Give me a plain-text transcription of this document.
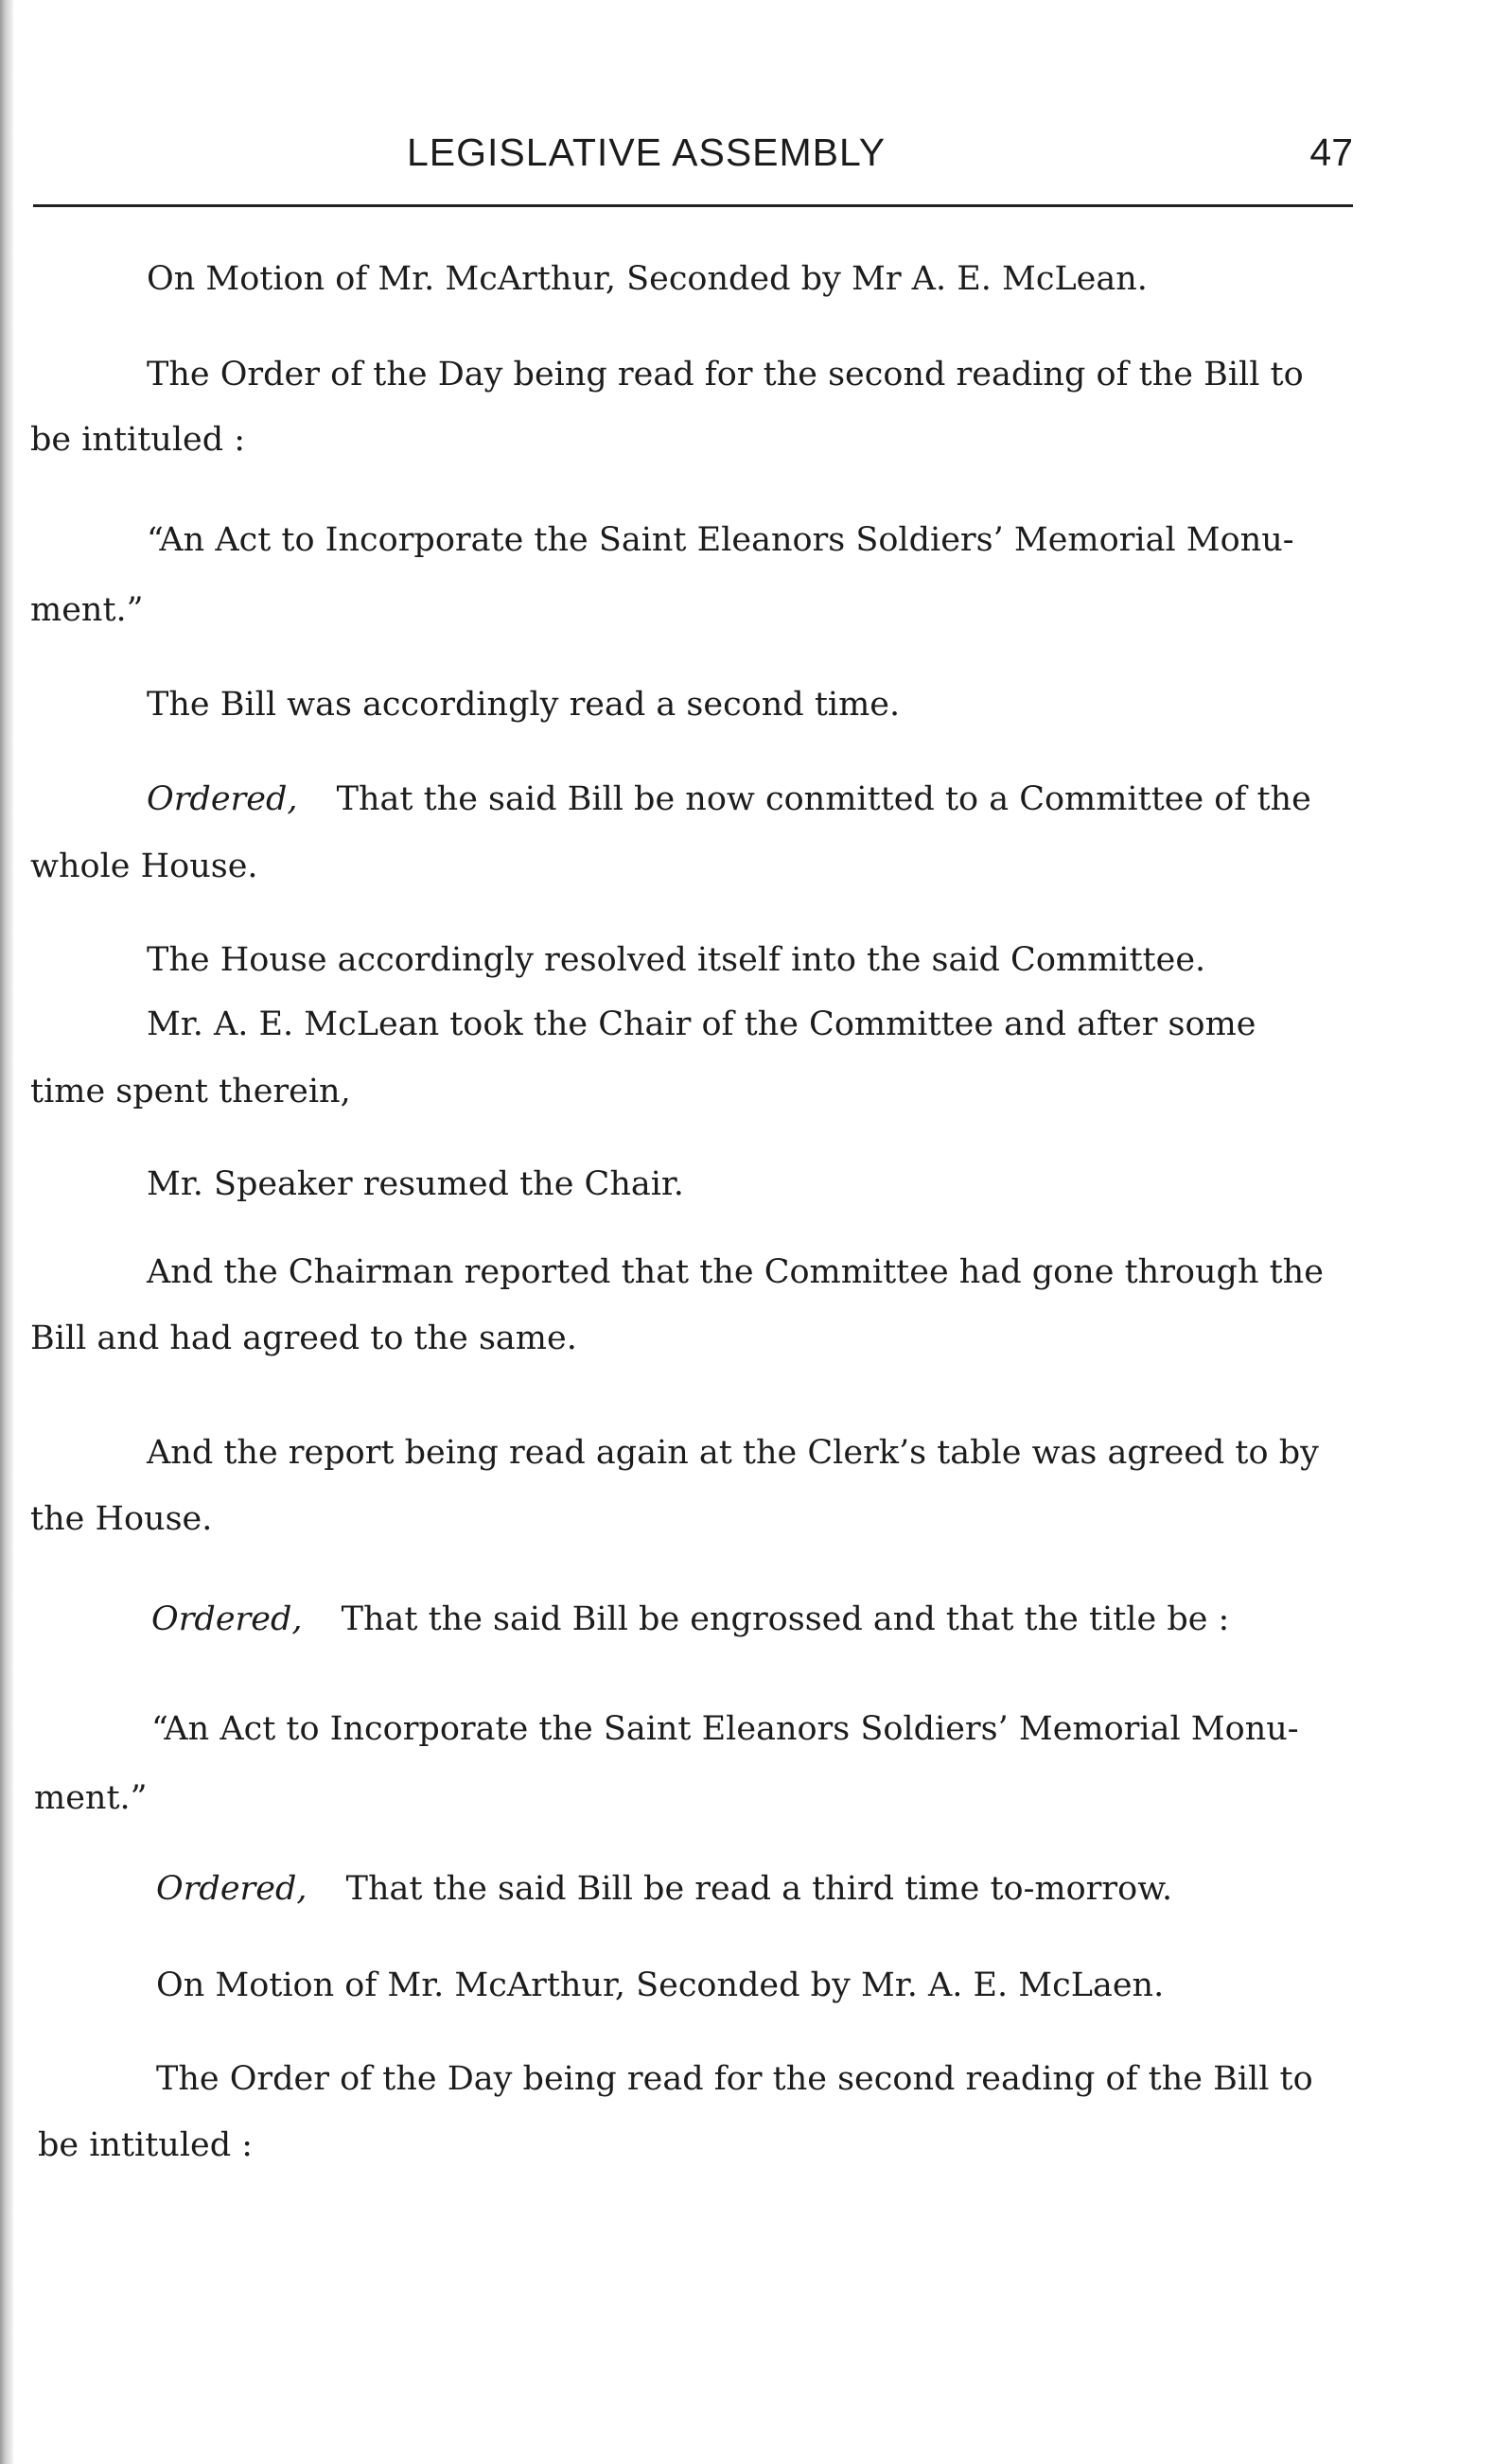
LEGISLATIVE ASSEMBLY	47
On Motion of Mr. McArthur, Seconded by Mr A. E. McLean.
The Order of the Day being read for the second reading of the Bill to
be intituled :
“An Act to Incorporate the Saint Eleanors Soldiers’ Memorial Monu-
ment.”
The Bill was accordingly read a second time.
Ordered, That the said Bill be now conmitted to a Committee of the
whole House.
The House accordingly resolved itself into the said Committee.
Mr. A. E. McLean took the Chair of the Committee and after some
time spent therein,
Mr. Speaker resumed the Chair.
And the Chairman reported that the Committee had gone through the
Bill and had agreed to the same.
And the report being read again at the Clerk’s table was agreed to by
the House.
Ordered, That the said Bill be engrossed and that the title be :
“An Act to Incorporate the Saint Eleanors Soldiers’ Memorial Monu-
ment.”
Ordered, That the said Bill be read a third time to-morrow.
On Motion of Mr. McArthur, Seconded by Mr. A. E. McLaen.
The Order of the Day being read for the second reading of the Bill to
be intituled :
